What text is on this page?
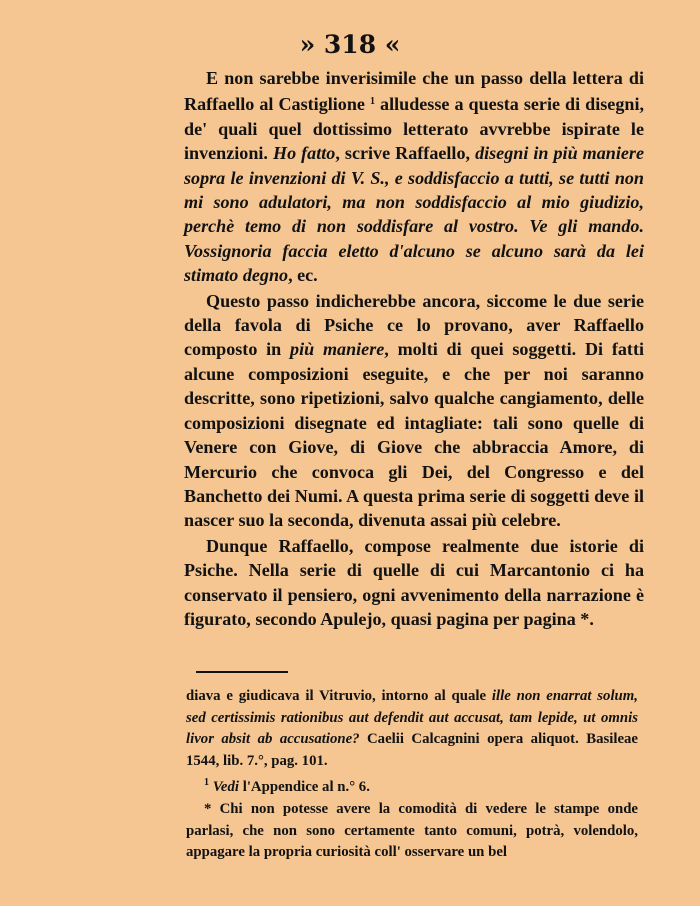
» 318 «

E non sarebbe inverisimile che un passo della lettera di Raffaello al Castiglione $^1$ alludesse a questa serie di disegni, de' quali quel dottissimo letterato avvrebbe ispirate le invenzioni. Ho fatto, scrive Raffaello, disegni in più maniere sopra le invenzioni di V. S., e soddisfaccio a tutti, se tutti non mi sono adulatori, ma non soddisfaccio al mio giudizio, perchè temo di non soddisfare al vostro. Ve gli mando. Vossignoria faccia eletto d'alcuno se alcuno sarà da lei stimato degno, ec.

Questo passo indicherebbe ancora, siccome le due serie della favola di Psiche ce lo provano, aver Raffaello composto in più maniere, molti di quei soggetti. Di fatti alcune composizioni eseguite, e che per noi saranno descritte, sono ripetizioni, salvo qualche cangiamento, delle composizioni disegnate ed intagliate: tali sono quelle di Venere con Giove, di Giove che abbraccia Amore, di Mercurio che convoca gli Dei, del Congresso e del Banchetto dei Numi. A questa prima serie di soggetti deve il nascer suo la seconda, divenuta assai più celebre.

Dunque Raffaello, compose realmente due istorie di Psiche. Nella serie di quelle di cui Marcantonio ci ha conservato il pensiero, ogni avvenimento della narrazione è figurato, secondo Apulejo, quasi pagina per pagina *.

diava e giudicava il Vitruvio, intorno al quale ille non enarrat solum, sed certissimis rationibus aut defendit aut accusat, tam lepide, ut omnis livor absit ab accusatione? Caelii Calcagnini opera aliquot. Basileae 1544, lib. 7.°, pag. 101.

$^1$ Vedi l'Appendice al n.° 6.

* Chi non potesse avere la comodità di vedere le stampe onde parlasi, che non sono certamente tanto comuni, potrà, volendolo, appagare la propria curiosità coll' osservare un bel
